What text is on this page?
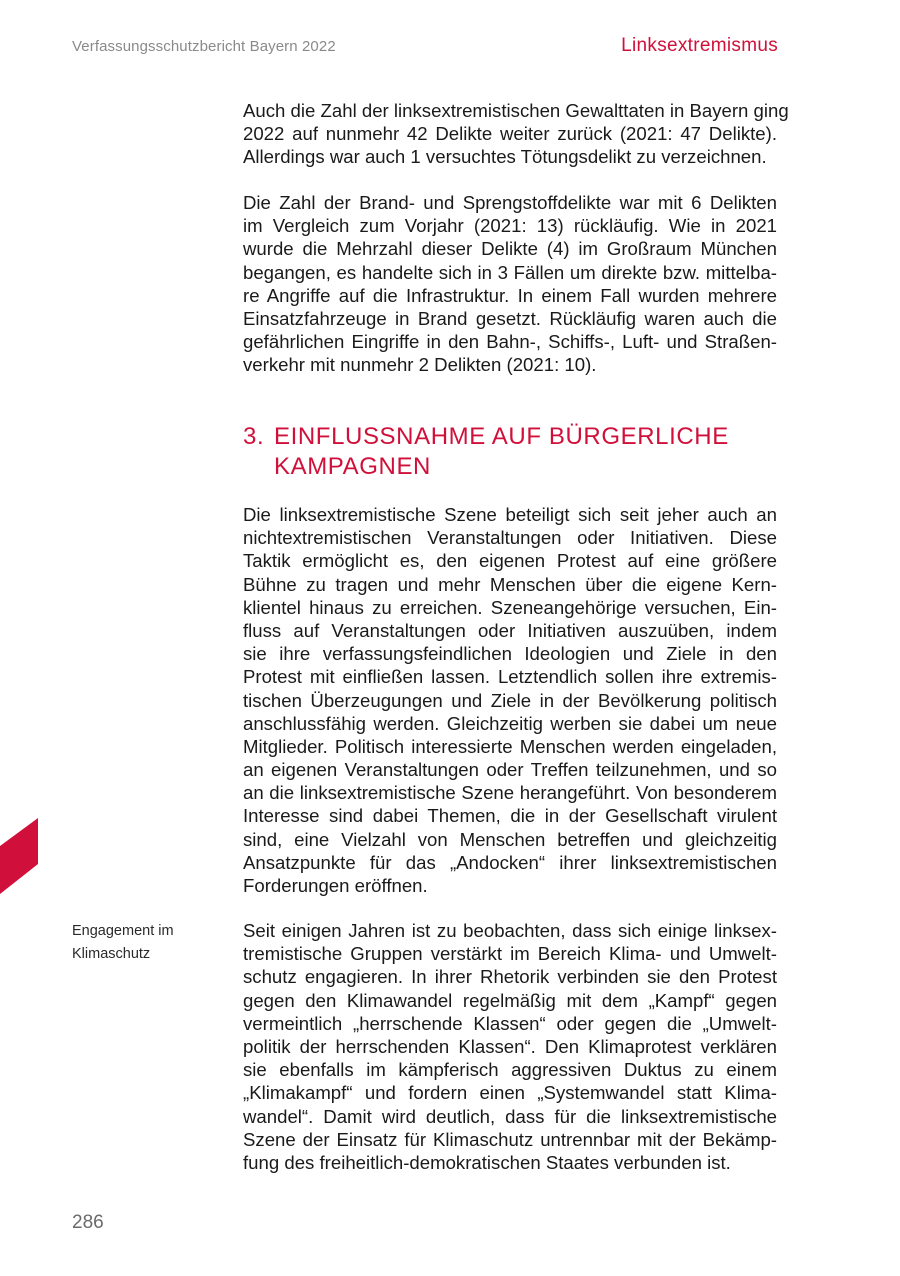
Verfassungsschutzbericht Bayern 2022	Linksextremismus

Auch die Zahl der linksextremistischen Gewalttaten in Bayern ging
2022 auf nunmehr 42 Delikte weiter zurück (2021: 47 Delikte).
Allerdings war auch 1 versuchtes Tötungsdelikt zu verzeichnen.

Die Zahl der Brand- und Sprengstoffdelikte war mit 6 Delikten
im Vergleich zum Vorjahr (2021: 13) rückläufig. Wie in 2021
wurde die Mehrzahl dieser Delikte (4) im Großraum München
begangen, es handelte sich in 3 Fällen um direkte bzw. mittelba-
re Angriffe auf die Infrastruktur. In einem Fall wurden mehrere
Einsatzfahrzeuge in Brand gesetzt. Rückläufig waren auch die
gefährlichen Eingriffe in den Bahn-, Schiffs-, Luft- und Straßen-
verkehr mit nunmehr 2 Delikten (2021: 10).

3. EINFLUSSNAHME AUF BÜRGERLICHE
KAMPAGNEN

Die linksextremistische Szene beteiligt sich seit jeher auch an
nichtextremistischen Veranstaltungen oder Initiativen. Diese
Taktik ermöglicht es, den eigenen Protest auf eine größere
Bühne zu tragen und mehr Menschen über die eigene Kern-
klientel hinaus zu erreichen. Szeneangehörige versuchen, Ein-
fluss auf Veranstaltungen oder Initiativen auszuüben, indem
sie ihre verfassungsfeindlichen Ideologien und Ziele in den
Protest mit einfließen lassen. Letztendlich sollen ihre extremis-
tischen Überzeugungen und Ziele in der Bevölkerung politisch
anschlussfähig werden. Gleichzeitig werben sie dabei um neue
Mitglieder. Politisch interessierte Menschen werden eingeladen,
an eigenen Veranstaltungen oder Treffen teilzunehmen, und so
an die linksextremistische Szene herangeführt. Von besonderem
Interesse sind dabei Themen, die in der Gesellschaft virulent
sind, eine Vielzahl von Menschen betreffen und gleichzeitig
Ansatzpunkte für das „Andocken“ ihrer linksextremistischen
Forderungen eröffnen.

Engagement im
Klimaschutz

Seit einigen Jahren ist zu beobachten, dass sich einige linksex-
tremistische Gruppen verstärkt im Bereich Klima- und Umwelt-
schutz engagieren. In ihrer Rhetorik verbinden sie den Protest
gegen den Klimawandel regelmäßig mit dem „Kampf“ gegen
vermeintlich „herrschende Klassen“ oder gegen die „Umwelt-
politik der herrschenden Klassen“. Den Klimaprotest verklären
sie ebenfalls im kämpferisch aggressiven Duktus zu einem
„Klimakampf“ und fordern einen „Systemwandel statt Klima-
wandel“. Damit wird deutlich, dass für die linksextremistische
Szene der Einsatz für Klimaschutz untrennbar mit der Bekämp-
fung des freiheitlich-demokratischen Staates verbunden ist.

286
